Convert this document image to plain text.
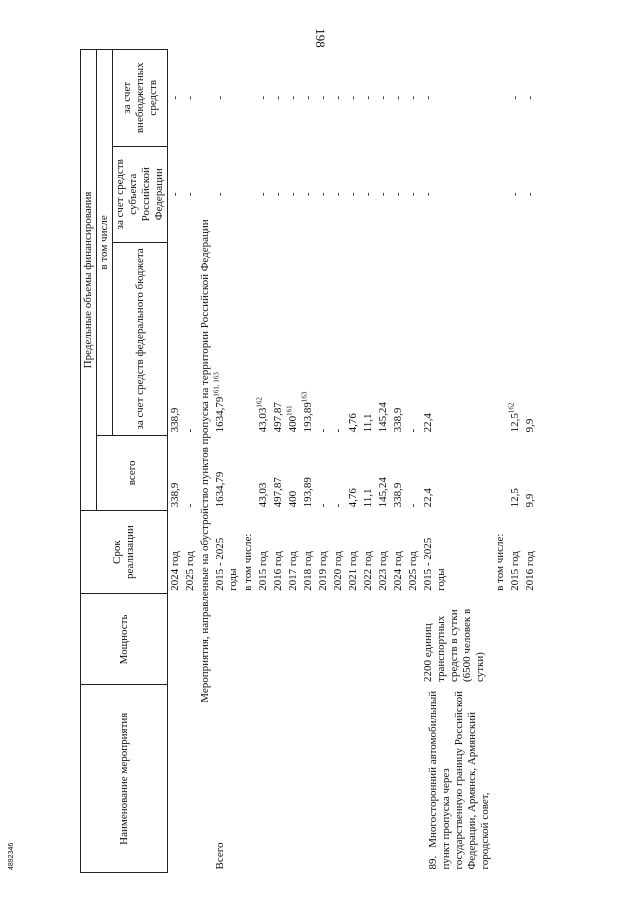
198
Наименование мероприятия	Мощность	Срок реализации	Предельные объемы финансирования			
			всего	в том числе		
				за счет средств федерального бюджета	за счет средств субъекта Российской Федерации	за счет внебюджетных средств
		2024 год	338,9	338,9	-	-
		2025 год	-	-	-	-
Мероприятия, направленные на обустройство пунктов пропуска на территории Российской Федерации						
Всего		2015 - 2025 годы	1634,79	1634,79$^{161, 163}$	-	-
		в том числе:				
		2015 год	43,03	43,03$^{162}$	-	-
		2016 год	497,87	497,87	-	-
		2017 год	400	$400^{161}$	-	-
		2018 год	193,89	193,89$^{163}$	-	-
		2019 год	-	-	-	-
		2020 год	-	-	-	-
		2021 год	4,76	4,76	-	-
		2022 год	11,1	11,1	-	-
		2023 год	145,24	145,24	-	-
		2024 год	338,9	338,9	-	-
		2025 год	-	-	-	-
89.Многосторонний автомобильный пункт пропуска через государственную границу Российской Федерации, Армянск, Армянский городской совет,	2200 единиц транспортных средств в сутки (6500 человек в сутки)	2015 - 2025 годы	22,4	22,4	-	-
		в том числе:				
		2015 год	12,5	12,5$^{162}$	-	-
		2016 год	9,9	9,9	-	-
4892346
